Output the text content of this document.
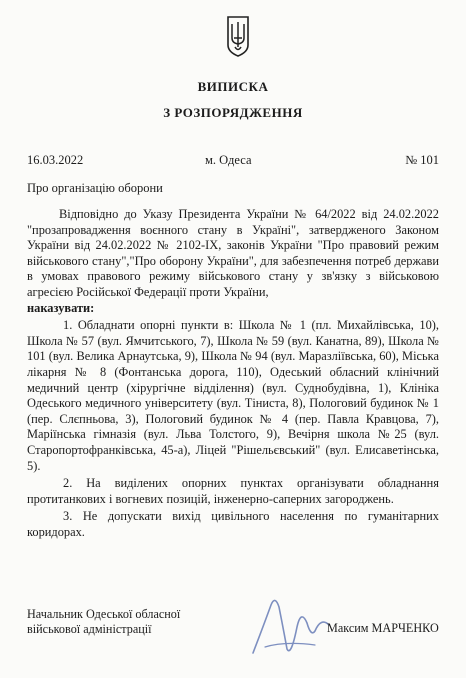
ВИПИСКА
З РОЗПОРЯДЖЕННЯ
16.03.2022	м. Одеса	№ 101
Про організацію оборони

Відповідно до Указу Президента України № 64/2022 від 24.02.2022 "прозапровадження воєнного стану в Україні", затвердженого Законом України від 24.02.2022 № 2102-IX, законів України "Про правовий режим військового стану","Про оборону України", для забезпечення потреб держави в умовах правового режиму військового стану у зв'язку з військовою агресією Російської Федерації проти України,

наказувати:

1. Обладнати опорні пункти в: Школа № 1 (пл. Михайлівська, 10), Школа № 57 (вул. Ямчитського, 7), Школа № 59 (вул. Канатна, 89), Школа № 101 (вул. Велика Арнаутська, 9), Школа № 94 (вул. Маразліївська, 60), Міська лікарня № 8 (Фонтанська дорога, 110), Одеський обласний клінічний медичний центр (хірургічне відділення) (вул. Суднобудівна, 1), Клініка Одеського медичного університету (вул. Тіниста, 8), Пологовий будинок № 1 (пер. Слєпньова, 3), Пологовий будинок № 4 (пер. Павла Кравцова, 7), Маріїнська гімназія (вул. Льва Толстого, 9), Вечірня школа №25 (вул. Старопортофранківська, 45-а), Ліцей "Рішельєвський" (вул. Елисаветінська, 5).

2. На виділених опорних пунктах організувати обладнання протитанкових і вогневих позицій, інженерно-саперних загороджень.

3. Не допускати вихід цивільного населення по гуманітарних коридорах.

Начальник Одеської обласної
військової адміністрації	Максим МАРЧЕНКО
